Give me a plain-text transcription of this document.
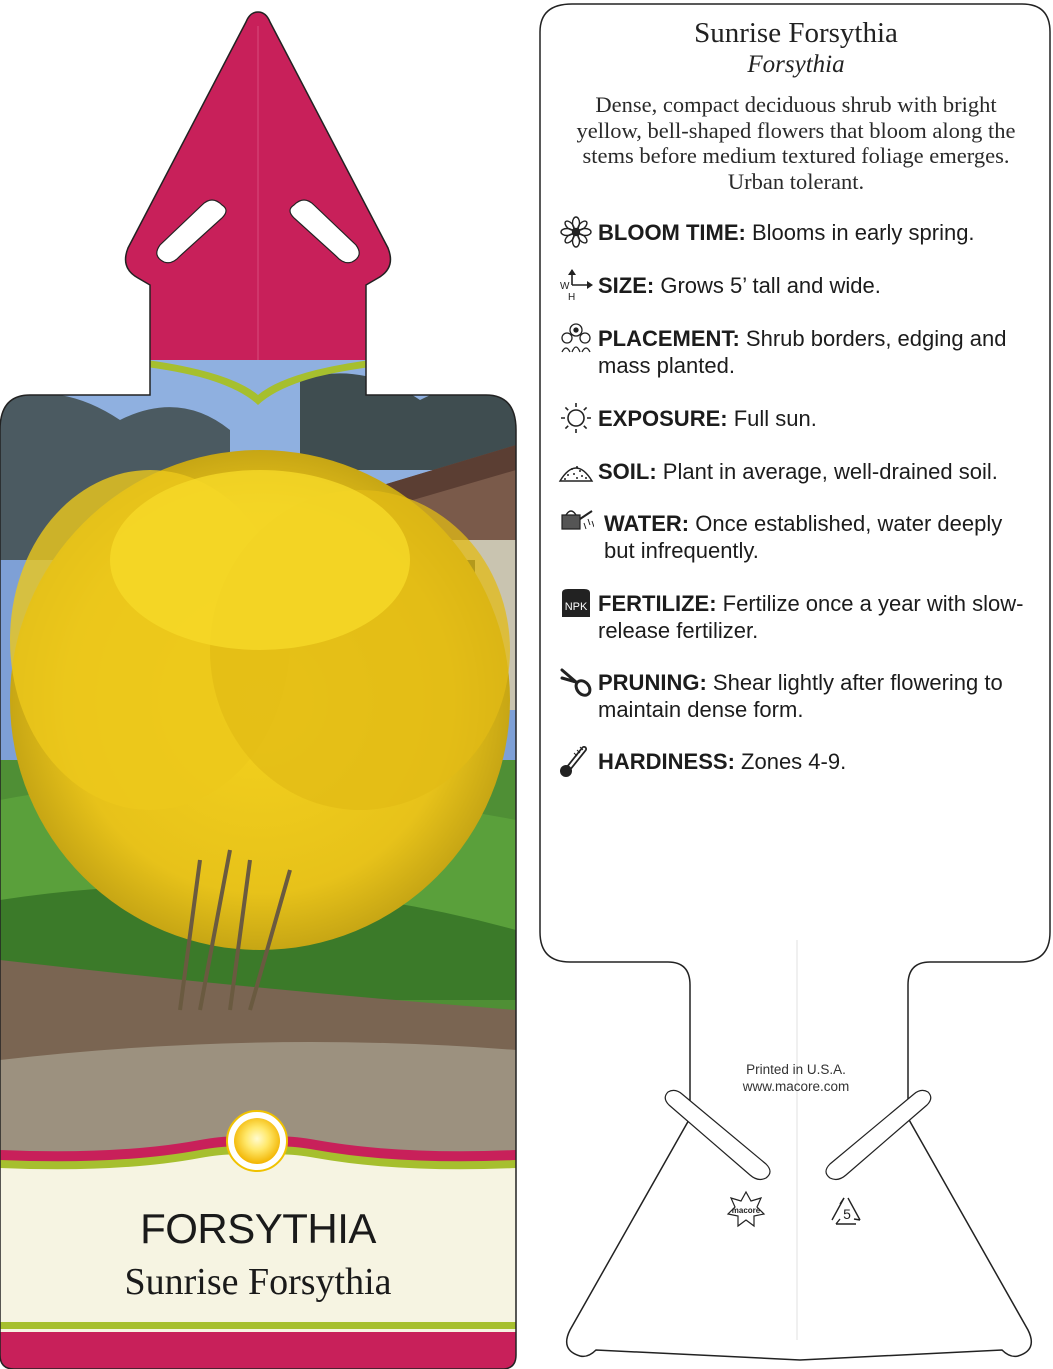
macore	5
Sunrise Forsythia
Forsythia
Dense, compact deciduous shrub with bright yellow, bell-shaped flowers that bloom along the stems before medium textured foliage emerges. Urban tolerant.
BLOOM TIME: Blooms in early spring.
W
H SIZE: Grows 5’ tall and wide.
PLACEMENT: Shrub borders, edging and mass planted.
EXPOSURE: Full sun.
SOIL: Plant in average, well-drained soil.
WATER: Once established, water deeply but infrequently.
NPK FERTILIZE: Fertilize once a year with slow-release fertilizer.
PRUNING: Shear lightly after flowering to maintain dense form.
HARDINESS: Zones 4-9.
Printed in U.S.A.
www.macore.com
FORSYTHIA
Sunrise Forsythia
